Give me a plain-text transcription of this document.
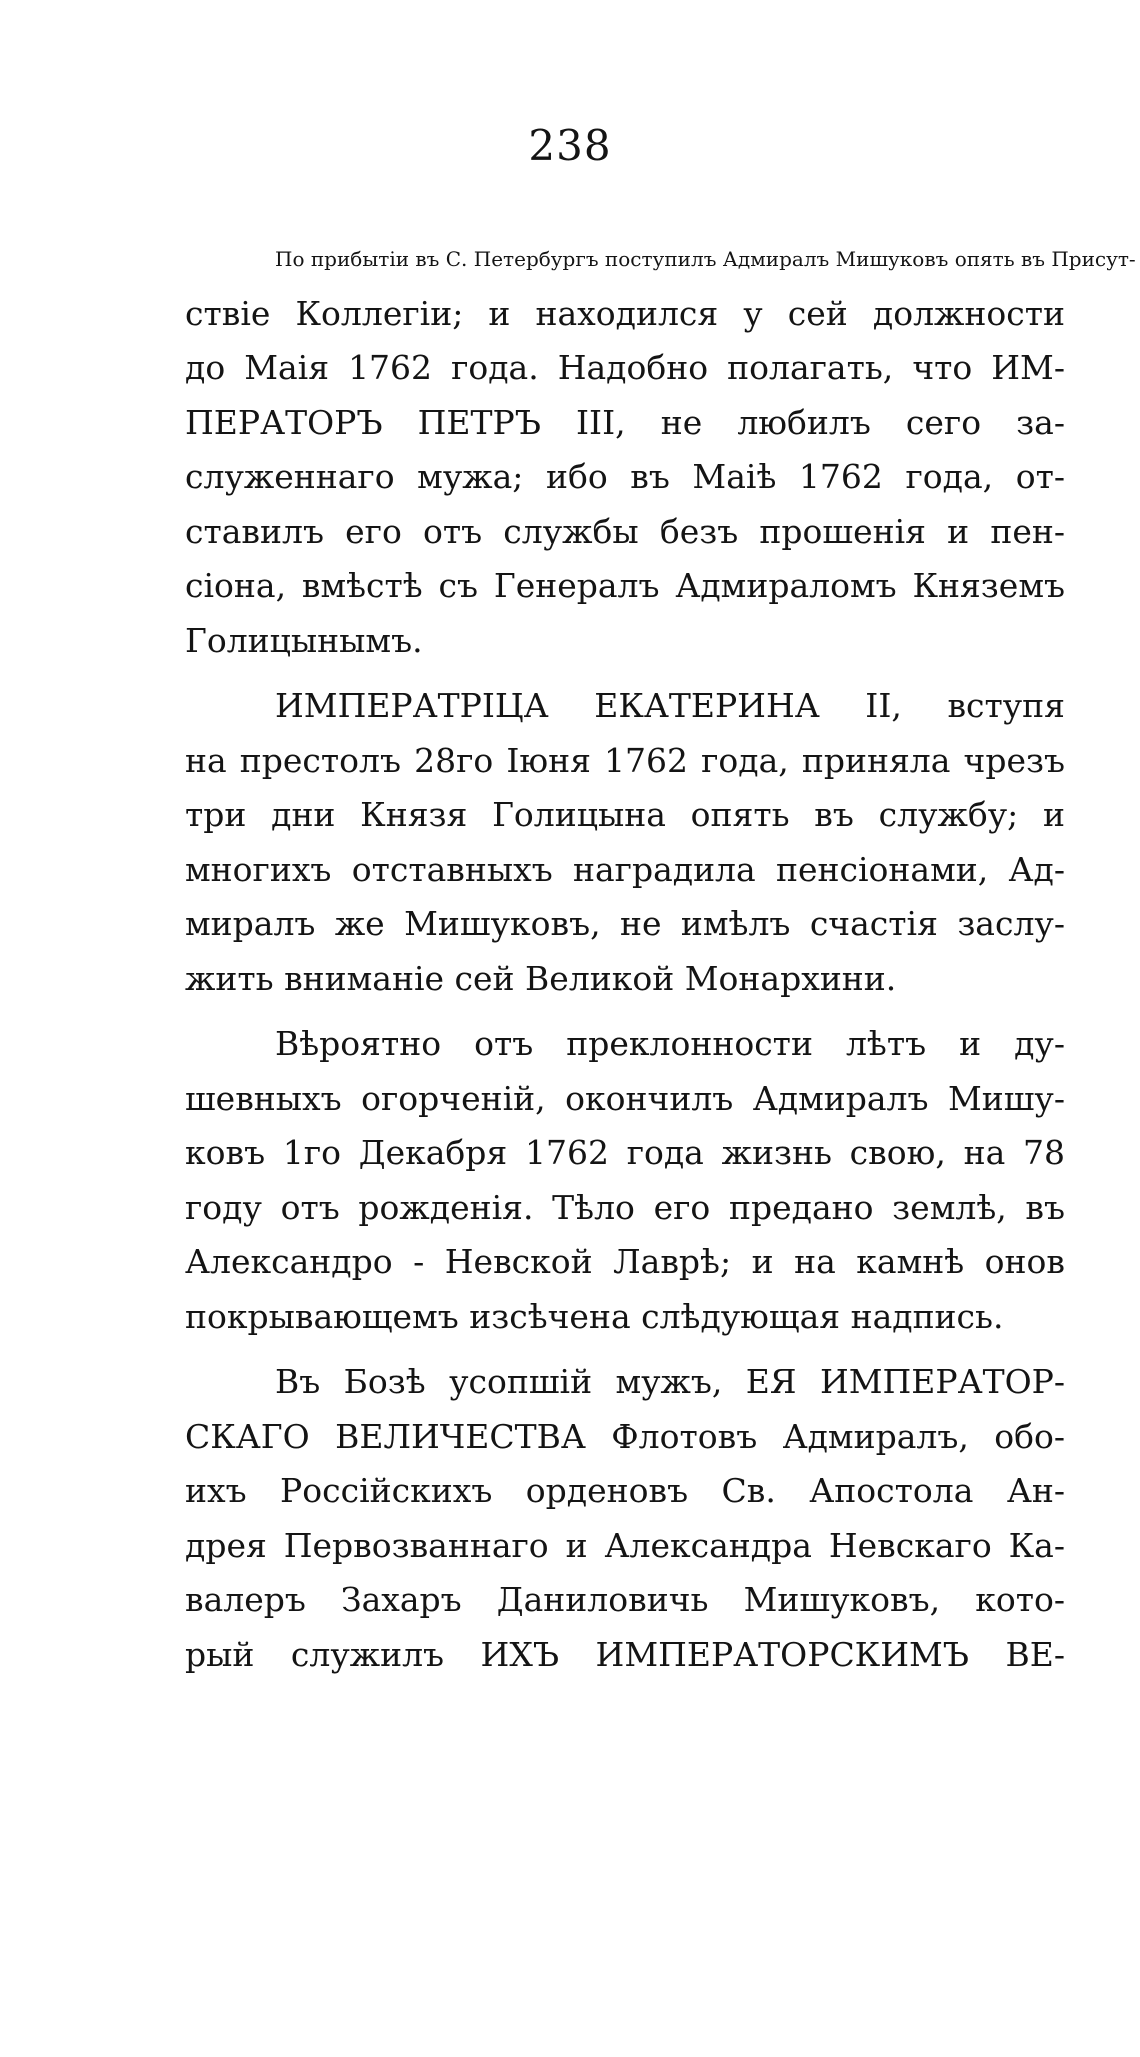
238

По прибытіи въ С. Петербургъ поступилъ Адмиралъ Мишуковъ опять въ Присут-
ствіе Коллегіи; и находился у сей должности
до Маія 1762 года. Надобно полагать, что ИМ-
ПЕРАТОРЪ ПЕТРЪ III, не любилъ сего за-
служеннаго мужа; ибо въ Маіѣ 1762 года, от-
ставилъ его отъ службы безъ прошенія и пен-
сіона, вмѣстѣ съ Генералъ Адмираломъ Княземъ
Голицынымъ.

ИМПЕРАТРІЦА ЕКАТЕРИНА II, вступя
на престолъ 28го Іюня 1762 года, приняла чрезъ
три дни Князя Голицына опять въ службу; и
многихъ отставныхъ наградила пенсіонами, Ад-
миралъ же Мишуковъ, не имѣлъ счастія заслу-
жить вниманіе сей Великой Монархини.

Вѣроятно отъ преклонности лѣтъ и ду-
шевныхъ огорченій, окончилъ Адмиралъ Мишу-
ковъ 1го Декабря 1762 года жизнь свою, на 78
году отъ рожденія. Тѣло его предано землѣ, въ
Александро - Невской Лаврѣ; и на камнѣ онов
покрывающемъ изсѣчена слѣдующая надпись.

Въ Бозѣ усопшій мужъ, ЕЯ ИМПЕРАТОР-
СКАГО ВЕЛИЧЕСТВА Флотовъ Адмиралъ, обо-
ихъ Россійскихъ орденовъ Св. Апостола Ан-
дрея Первозваннаго и Александра Невскаго Ка-
валеръ Захаръ Даниловичь Мишуковъ, кото-
рый служилъ ИХЪ ИМПЕРАТОРСКИМЪ ВЕ-
